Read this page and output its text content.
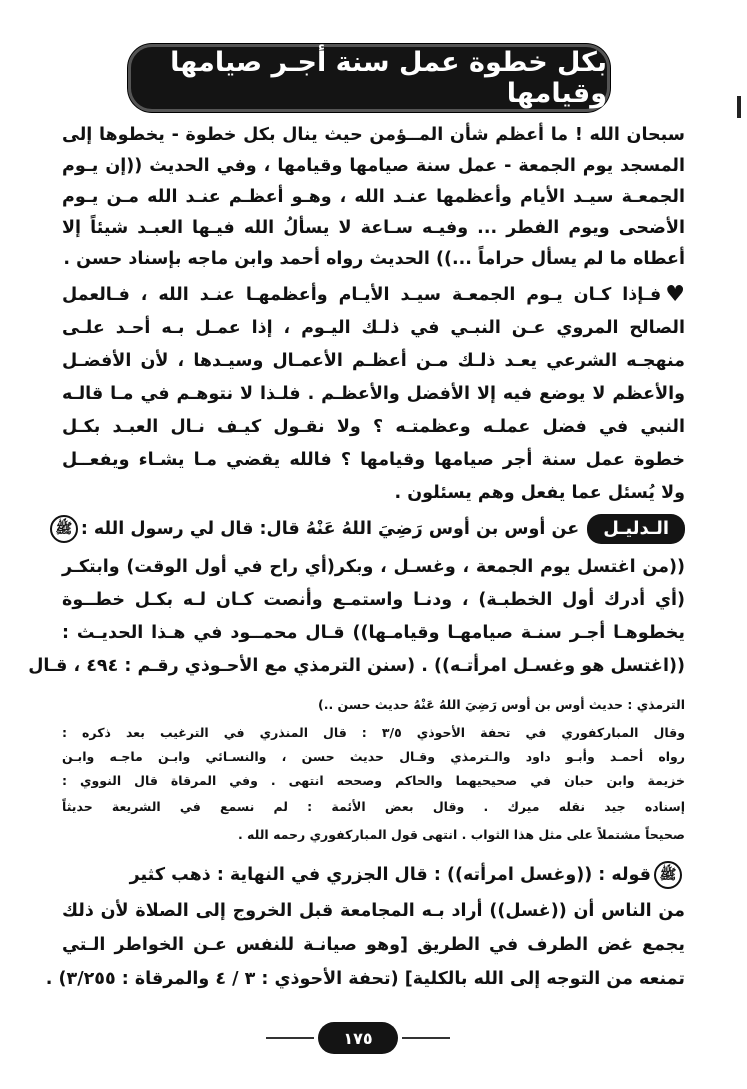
بكل خطوة عمل سنة أجـر صيامها وقيامها
سبحان الله ! ما أعظم شأن المــؤمن حيث ينال بكل خطوة - يخطوها إلى
المسجد يوم الجمعة - عمل سنة صيامها وقيامها ، وفي الحديث ((إن يـوم
الجمعـة سيـد الأيام وأعظمها عنـد الله ، وهـو أعظـم عنـد الله مـن يـوم
الأضحى ويوم الفطر ... وفيـه سـاعة لا يسألُ الله فيـها العبـد شيئاً إلا
أعطاه ما لم يسأل حراماً ...)) الحديث رواه أحمد وابن ماجه بإسناد حسن .
♥فـإذا كـان يـوم الجمعـة سيـد الأيـام وأعظمهـا عنـد الله ، فـالعمل
الصالح المروي عـن النبـي في ذلـك اليـوم ، إذا عمـل بـه أحـد علـى
منهجـه الشرعي يعـد ذلـك مـن أعظـم الأعمـال وسيـدها ، لأن الأفضـل
والأعظم لا يوضع فيه إلا الأفضل والأعظـم . فلـذا لا نتوهـم في مـا قالـه
النبي في فضل عملـه وعظمتـه ؟ ولا نقـول كيـف نـال العبـد بكـل
خطوة عمل سنة أجر صيامها وقيامها ؟ فالله يقضي مـا يشـاء ويفعــل
ولا يُسئل عما يفعل وهم يسئلون .
الـدليـلعن أوس بن أوس رَضِيَ اللهُ عَنْهُ قال: قال لي رسول الله :ﷺ
((من اغتسل يوم الجمعة ، وغسـل ، وبكر(أي راح في أول الوقت) وابتكـر
(أي أدرك أول الخطبـة) ، ودنـا واستمـع وأنصت كـان لـه بكـل خطــوة
يخطوهـا أجـر سنـة صيامهـا وقيامـها)) قـال محمــود في هـذا الحديـث :
((اغتسل هو وغسـل امرأتـه)) . (سنن الترمذي مع الأحـوذي رقـم : ٤٩٤ ، قـال
الترمذي : حديث أوس بن أوس رَضِيَ اللهُ عَنْهُ حديث حسن ..)
وقال المباركفوري في تحفة الأحوذي ٣/٥ : قال المنذري في الترغيب بعد ذكره :
رواه أحمـد وأبـو داود والـترمذي وقـال حديث حسن ، والنسـائي وابـن ماجـه وابـن
خزيمة وابن حبان في صحيحيهما والحاكم وصححه انتهى . وفي المرقاة قال النووي :
إسناده جيد نقله ميرك . وقال بعض الأئمة : لم نسمع في الشريعة حديثاً
صحيحاً مشتملاً على مثل هذا الثواب . انتهى قول المباركفوري رحمه الله .
ﷺقوله : ((وغسل امرأته)) : قال الجزري في النهاية : ذهب كثير
من الناس أن ((غسل)) أراد بـه المجامعة قبل الخروج إلى الصلاة لأن ذلك
يجمع غض الطرف في الطريق [وهو صيانـة للنفس عـن الخواطر الـتي
تمنعه من التوجه إلى الله بالكلية] (تحفة الأحوذي : ٣ / ٤ والمرقاة : ٣/٢٥٥) .
١٧٥
